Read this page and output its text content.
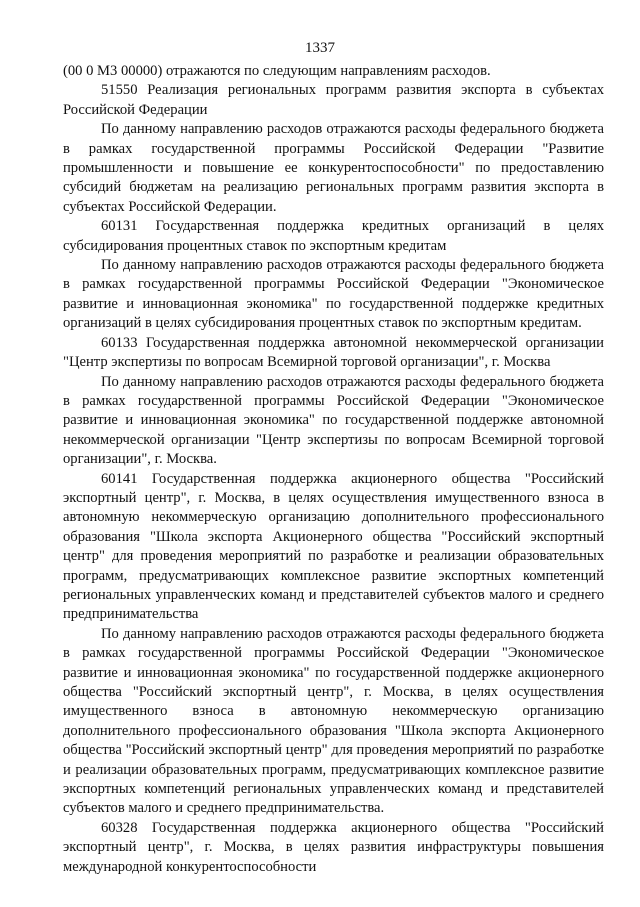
1337

(00 0 M3 00000) отражаются по следующим направлениям расходов.

51550 Реализация региональных программ развития экспорта в субъектах Российской Федерации

По данному направлению расходов отражаются расходы федерального бюджета в рамках государственной программы Российской Федерации "Развитие промышленности и повышение ее конкурентоспособности" по предоставлению субсидий бюджетам на реализацию региональных программ развития экспорта в субъектах Российской Федерации.

60131 Государственная поддержка кредитных организаций в целях субсидирования процентных ставок по экспортным кредитам

По данному направлению расходов отражаются расходы федерального бюджета в рамках государственной программы Российской Федерации "Экономическое развитие и инновационная экономика" по государственной поддержке кредитных организаций в целях субсидирования процентных ставок по экспортным кредитам.

60133 Государственная поддержка автономной некоммерческой организации "Центр экспертизы по вопросам Всемирной торговой организации", г. Москва

По данному направлению расходов отражаются расходы федерального бюджета в рамках государственной программы Российской Федерации "Экономическое развитие и инновационная экономика" по государственной поддержке автономной некоммерческой организации "Центр экспертизы по вопросам Всемирной торговой организации", г. Москва.

60141 Государственная поддержка акционерного общества "Российский экспортный центр", г. Москва, в целях осуществления имущественного взноса в автономную некоммерческую организацию дополнительного профессионального образования "Школа экспорта Акционерного общества "Российский экспортный центр" для проведения мероприятий по разработке и реализации образовательных программ, предусматривающих комплексное развитие экспортных компетенций региональных управленческих команд и представителей субъектов малого и среднего предпринимательства

По данному направлению расходов отражаются расходы федерального бюджета в рамках государственной программы Российской Федерации "Экономическое развитие и инновационная экономика" по государственной поддержке акционерного общества "Российский экспортный центр", г. Москва, в целях осуществления имущественного взноса в автономную некоммерческую организацию дополнительного профессионального образования "Школа экспорта Акционерного общества "Российский экспортный центр" для проведения мероприятий по разработке и реализации образовательных программ, предусматривающих комплексное развитие экспортных компетенций региональных управленческих команд и представителей субъектов малого и среднего предпринимательства.

60328 Государственная поддержка акционерного общества "Российский экспортный центр", г. Москва, в целях развития инфраструктуры повышения международной конкурентоспособности
